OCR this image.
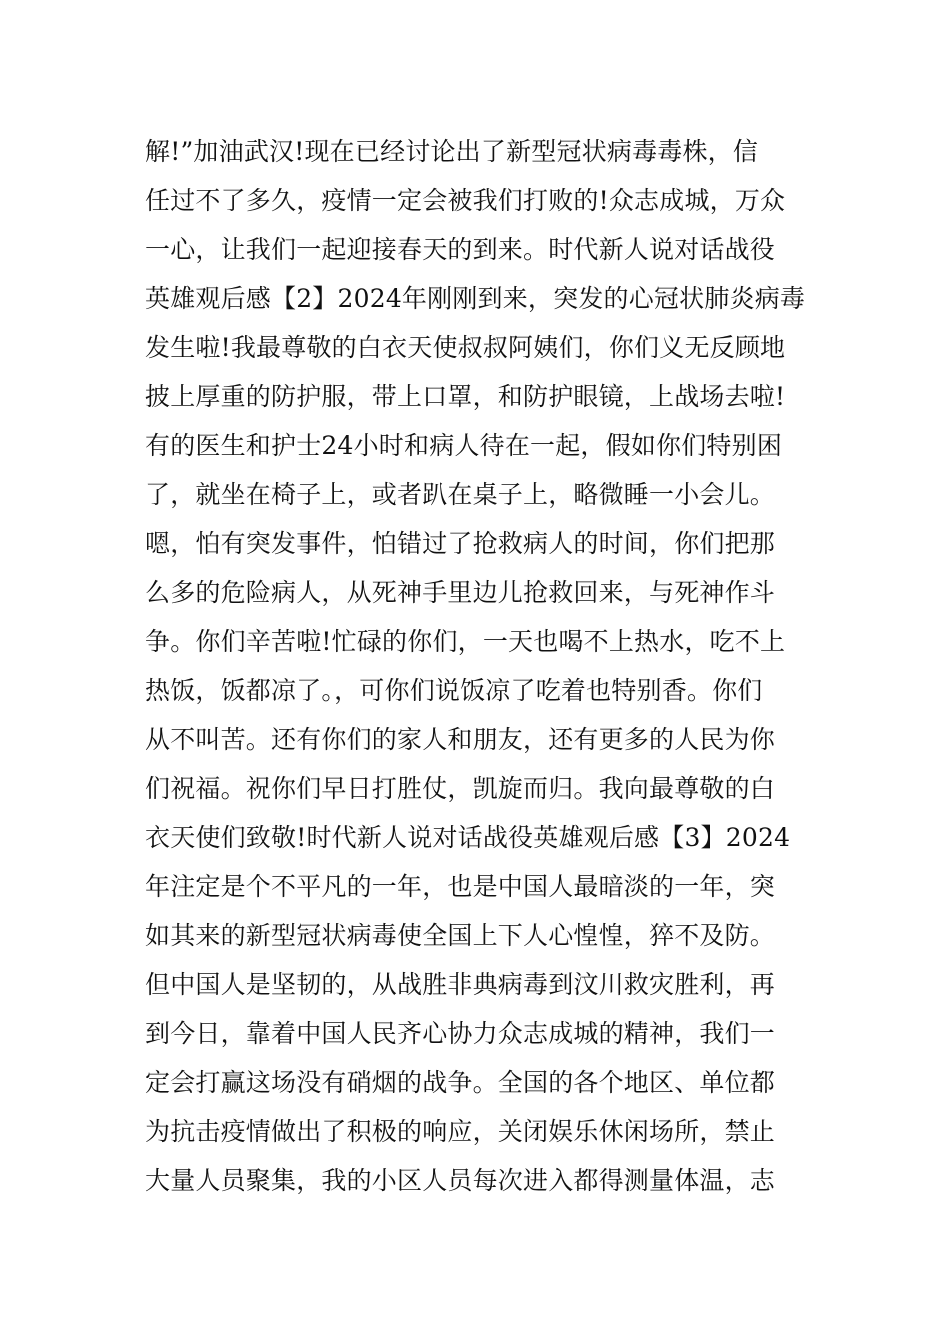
解!”加油武汉!现在已经讨论出了新型冠状病毒毒株，信
任过不了多久，疫情一定会被我们打败的!众志成城，万众
一心，让我们一起迎接春天的到来。时代新人说对话战役
英雄观后感【2】2024年刚刚到来，突发的心冠状肺炎病毒
发生啦!我最尊敬的白衣天使叔叔阿姨们，你们义无反顾地
披上厚重的防护服，带上口罩，和防护眼镜，上战场去啦!
有的医生和护士24小时和病人待在一起，假如你们特别困
了，就坐在椅子上，或者趴在桌子上，略微睡一小会儿。
嗯，怕有突发事件，怕错过了抢救病人的时间，你们把那
么多的危险病人，从死神手里边儿抢救回来，与死神作斗
争。你们辛苦啦!忙碌的你们，一天也喝不上热水，吃不上
热饭，饭都凉了。，可你们说饭凉了吃着也特别香。你们
从不叫苦。还有你们的家人和朋友，还有更多的人民为你
们祝福。祝你们早日打胜仗，凯旋而归。我向最尊敬的白
衣天使们致敬!时代新人说对话战役英雄观后感【3】2024
年注定是个不平凡的一年，也是中国人最暗淡的一年，突
如其来的新型冠状病毒使全国上下人心惶惶，猝不及防。
但中国人是坚韧的，从战胜非典病毒到汶川救灾胜利，再
到今日，靠着中国人民齐心协力众志成城的精神，我们一
定会打赢这场没有硝烟的战争。全国的各个地区、单位都
为抗击疫情做出了积极的响应，关闭娱乐休闲场所，禁止
大量人员聚集，我的小区人员每次进入都得测量体温，志
